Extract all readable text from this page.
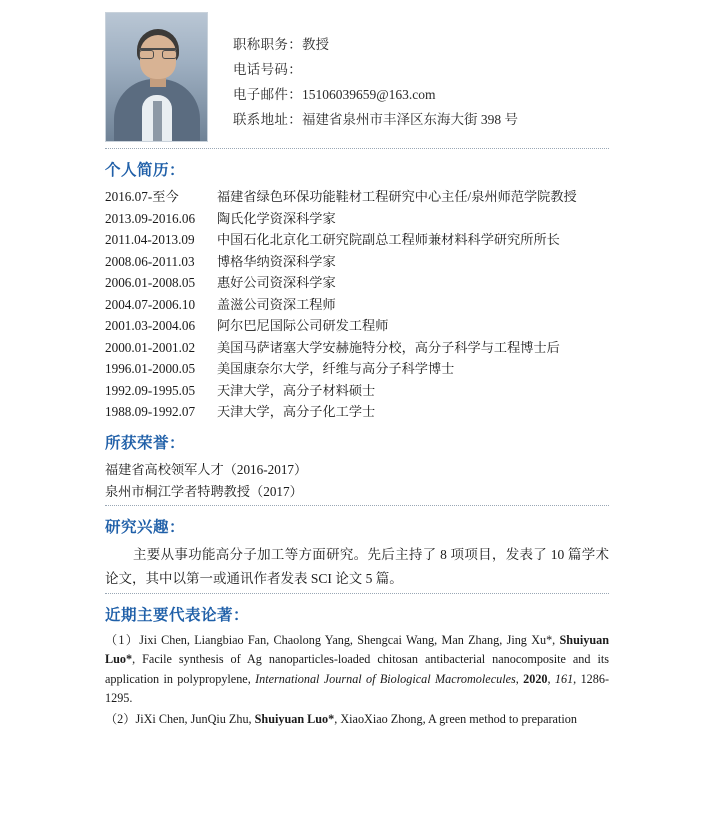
职称职务：教授
电话号码：
电子邮件：15106039659@163.com
联系地址：福建省泉州市丰泽区东海大街 398 号
个人简历：
2016.07-至今	福建省绿色环保功能鞋材工程研究中心主任/泉州师范学院教授
2013.09-2016.06 陶氏化学资深科学家
2011.04-2013.09 中国石化北京化工研究院副总工程师兼材料科学研究所所长
2008.06-2011.03 博格华纳资深科学家
2006.01-2008.05 惠好公司资深科学家
2004.07-2006.10 盖滋公司资深工程师
2001.03-2004.06 阿尔巴尼国际公司研发工程师
2000.01-2001.02 美国马萨诸塞大学安赫施特分校，高分子科学与工程博士后
1996.01-2000.05 美国康奈尔大学，纤维与高分子科学博士
1992.09-1995.05 天津大学，高分子材料硕士
1988.09-1992.07 天津大学，高分子化工学士
所获荣誉：
福建省高校领军人才（2016-2017）
泉州市桐江学者特聘教授（2017）
研究兴趣：
主要从事功能高分子加工等方面研究。先后主持了 8 项项目，发表了 10 篇学术论文，其中以第一或通讯作者发表 SCI 论文 5 篇。
近期主要代表论著：
（1）Jixi Chen, Liangbiao Fan, Chaolong Yang, Shengcai Wang, Man Zhang, Jing Xu*, Shuiyuan Luo*, Facile synthesis of Ag nanoparticles-loaded chitosan antibacterial nanocomposite and its application in polypropylene, International Journal of Biological Macromolecules, 2020, 161, 1286-1295.
（2）JiXi Chen, JunQiu Zhu, Shuiyuan Luo*, XiaoXiao Zhong, A green method to preparation
